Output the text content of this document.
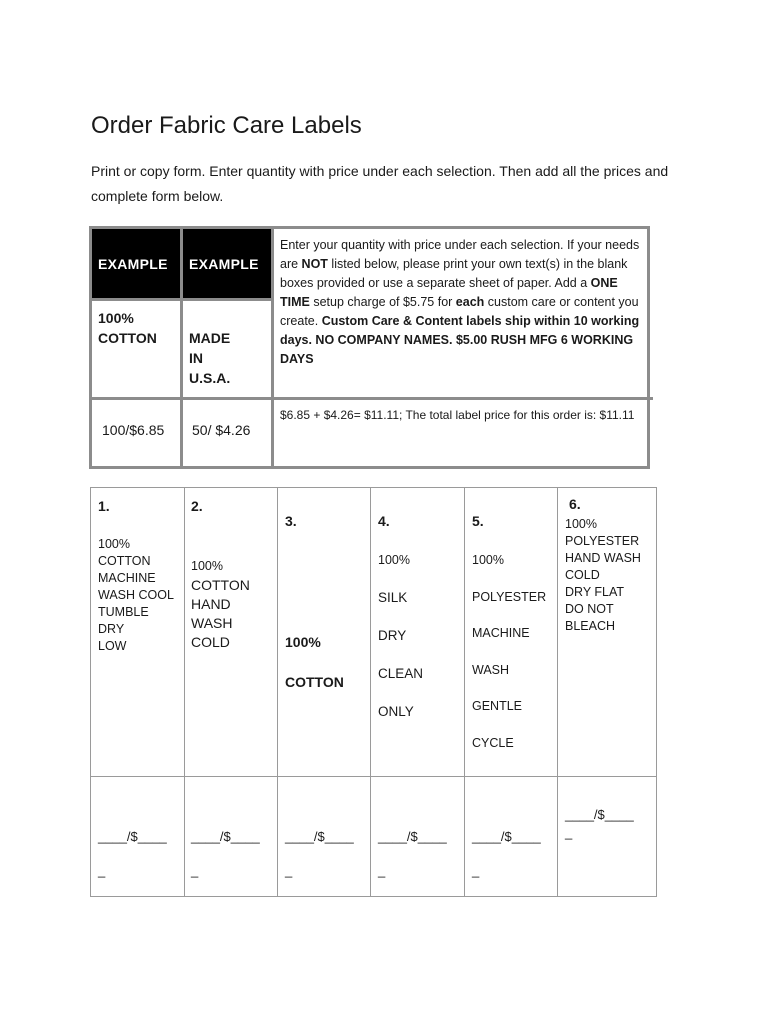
Order Fabric Care Labels

Print or copy form. Enter quantity with price under each selection. Then add all the prices and complete form below.

EXAMPLE	EXAMPLE
100%
COTTON MADE
IN
U.S.A.
100/$6.85 50/ $4.26
Enter your quantity with price under each selection. If your needs are NOT listed below, please print your own text(s) in the blank boxes provided or use a separate sheet of paper. Add a ONE TIME setup charge of $5.75 for each custom care or content you create. Custom Care & Content labels ship within 10 working days. NO COMPANY NAMES. $5.00 RUSH MFG 6 WORKING DAYS
$6.85 + $4.26= $11.11; The total label price for this order is: $11.11
1.
100%
COTTON
MACHINE
WASH COOL
TUMBLE
DRY
LOW
2.
100%
COTTON
HAND
WASH
COLD
3.
100%
COTTON
4.
100%
SILK
DRY
CLEAN
ONLY
5.
100%
POLYESTER
MACHINE
WASH
GENTLE
CYCLE
6.
100%
POLYESTER
HAND WASH
COLD
DRY FLAT
DO NOT
BLEACH
____/$____
_
____/$____
_
____/$____
_
____/$____
_
____/$____
_
____/$____
_
